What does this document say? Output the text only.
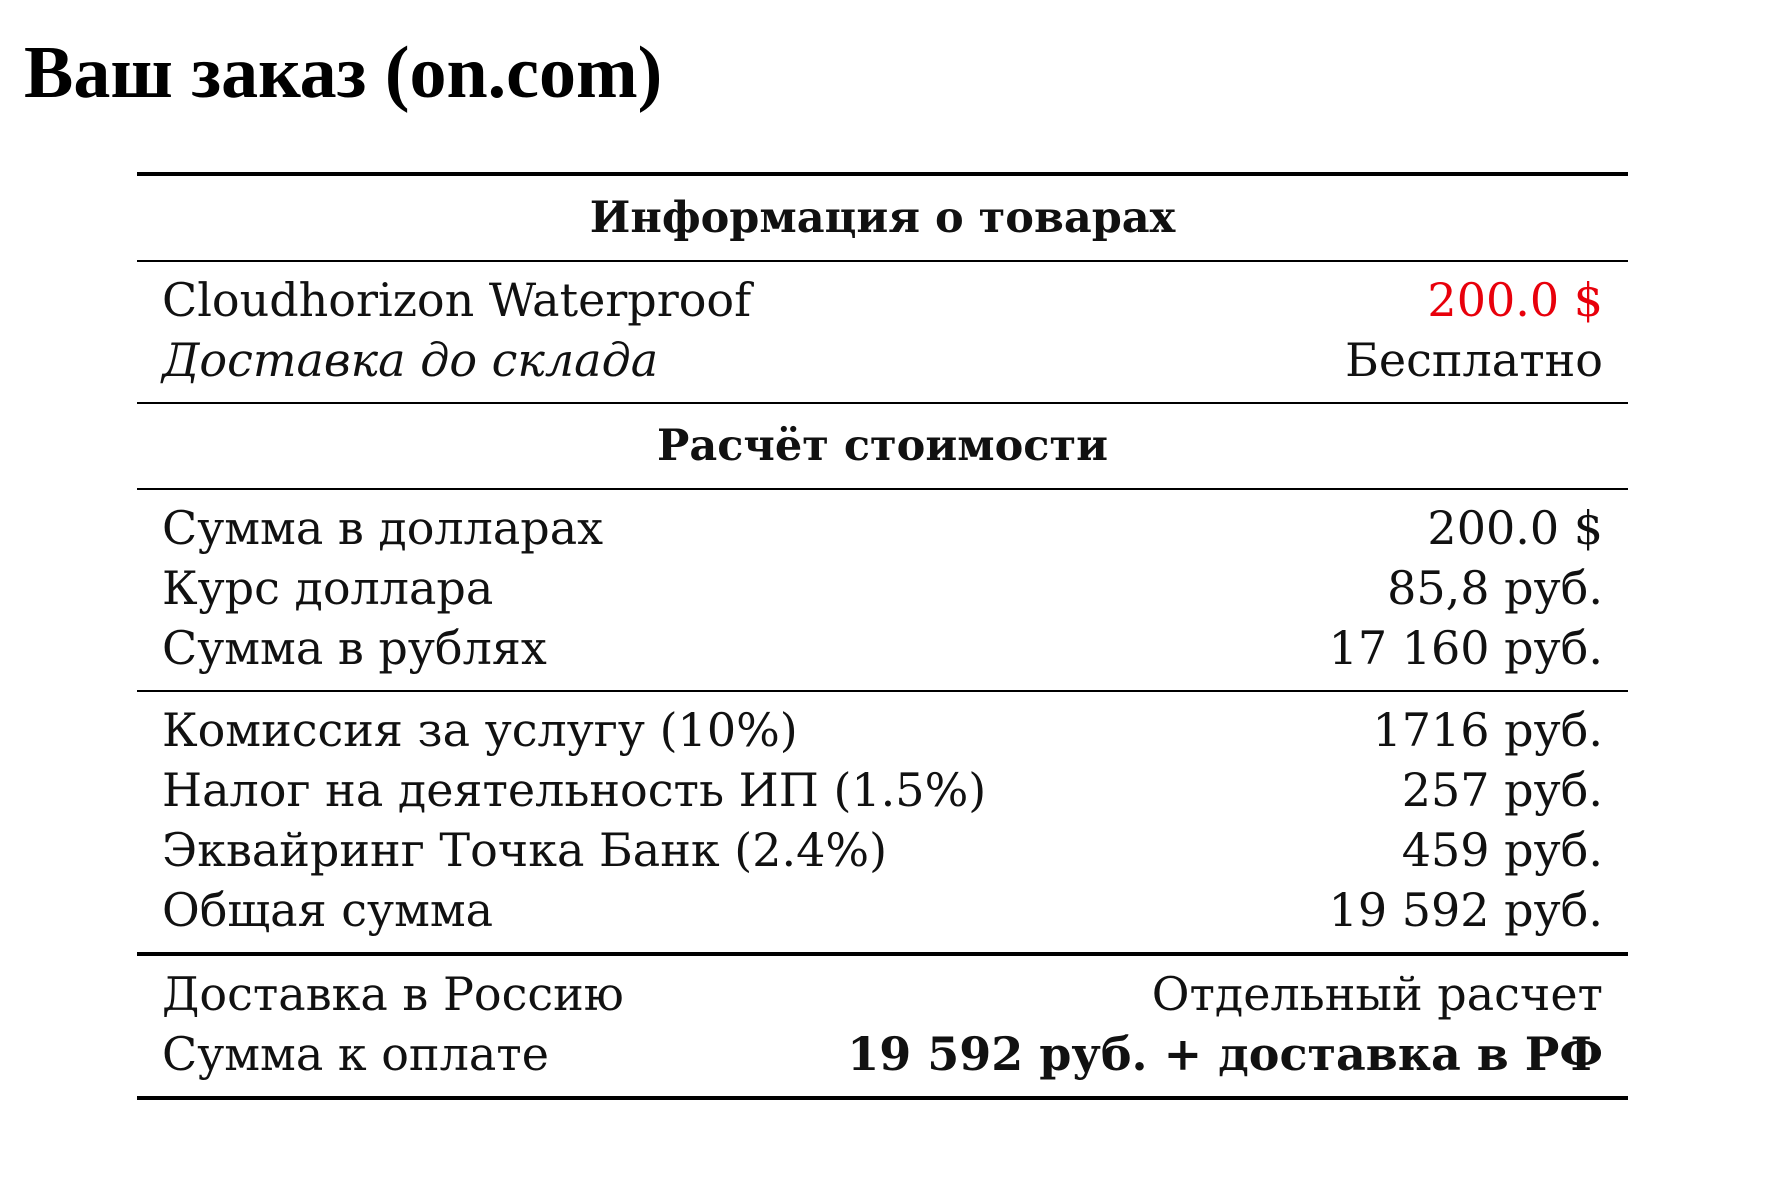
Ваш заказ (on.com)
Информация о товарах
Cloudhorizon Waterproof	200.0 $
Доставка до склада	Бесплатно
Расчёт стоимости
Сумма в долларах	200.0 $
Курс доллара	85,8 руб.
Сумма в рублях	17 160 руб.
Комиссия за услугу (10%)	1716 руб.
Налог на деятельность ИП (1.5%)	257 руб.
Эквайринг Точка Банк (2.4%)	459 руб.
Общая сумма	19 592 руб.
Доставка в Россию	Отдельный расчет
Сумма к оплате	19 592 руб. + доставка в РФ
